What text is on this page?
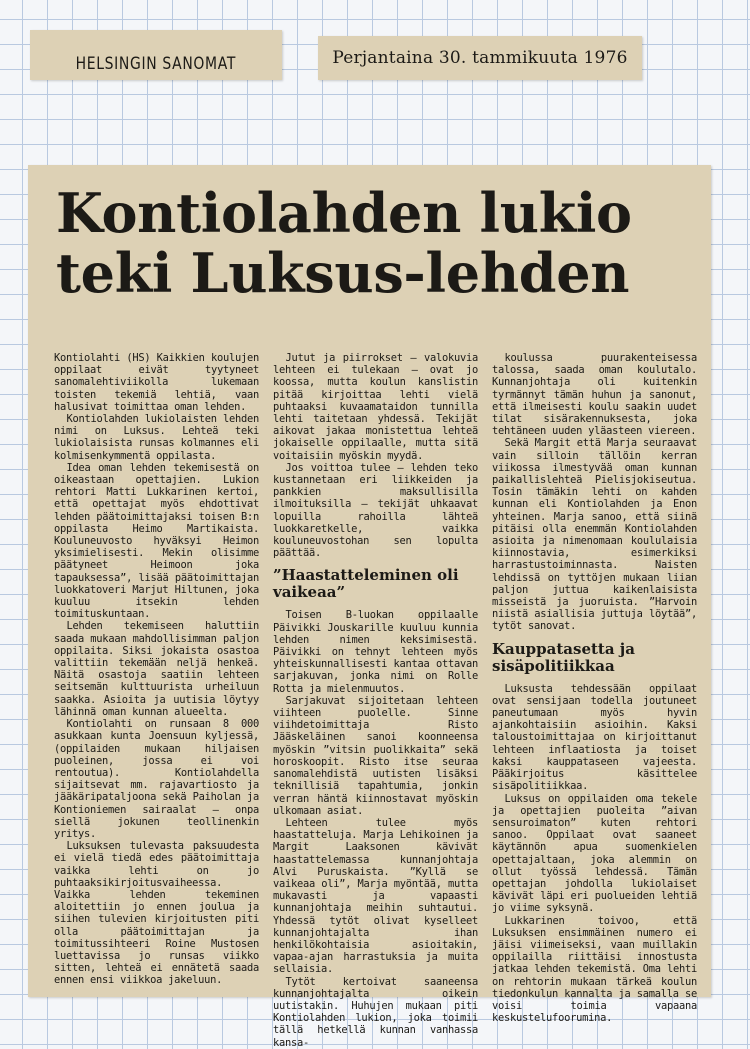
HELSINGIN SANOMAT	Perjantaina 30. tammikuuta 1976
Kontiolahden lukio
teki Luksus-lehden

Kontiolahti (HS) Kaikkien koulujen oppilaat eivät tyytyneet sanomalehtiviikolla lukemaan toisten tekemiä lehtiä, vaan halusivat toimittaa oman lehden.

Kontiolahden lukiolaisten lehden nimi on Luksus. Lehteä teki lukiolaisista runsas kolmannes eli kolmisenkymmentä oppilasta.

Idea oman lehden tekemisestä on oikeastaan opettajien. Lukion rehtori Matti Lukkarinen kertoi, että opettajat myös ehdottivat lehden päätoimittajaksi toisen B:n oppilasta Heimo Martikaista. Kouluneuvosto hyväksyi Heimon yksimielisesti. Mekin olisimme päätyneet Heimoon joka tapauksessa”, lisää päätoimittajan luokkatoveri Marjut Hiltunen, joka kuuluu itsekin lehden toimituskuntaan.

Lehden tekemiseen haluttiin saada mukaan mahdollisimman paljon oppilaita. Siksi jokaista osastoa valittiin tekemään neljä henkeä. Näitä osastoja saatiin lehteen seitsemän kulttuurista urheiluun saakka. Asioita ja uutisia löytyy lähinnä oman kunnan alueelta.

Kontiolahti on runsaan 8 000 asukkaan kunta Joensuun kyljessä, (oppilaiden mukaan hiljaisen puoleinen, jossa ei voi rentoutua). Kontiolahdella sijaitsevat mm. rajavartiosto ja jääkäripataljoona sekä Paiholan ja Kontioniemen sairaalat — onpa siellä jokunen teollinenkin yritys.

Luksuksen tulevasta paksuudesta ei vielä tiedä edes päätoimittaja vaikka lehti on jo puhtaaksikirjoitusvaiheessa. Vaikka lehden tekeminen aloitettiin jo ennen joulua ja siihen tulevien kirjoitusten piti olla päätoimittajan ja toimitussihteeri Roine Mustosen luettavissa jo runsas viikko sitten, lehteä ei ennätetä saada ennen ensi viikkoa jakeluun.

Jutut ja piirrokset — valokuvia lehteen ei tulekaan — ovat jo koossa, mutta koulun kanslistin pitää kirjoittaa lehti vielä puhtaaksi kuvaamataidon tunnilla lehti taitetaan yhdessä. Tekijät aikovat jakaa monistettua lehteä jokaiselle oppilaalle, mutta sitä voitaisiin myöskin myydä.

Jos voittoa tulee — lehden teko kustannetaan eri liikkeiden ja pankkien maksullisilla ilmoituksilla — tekijät uhkaavat lopuilla rahoilla lähteä luokkaretkelle, vaikka kouluneuvostohan sen lopulta päättää.

”Haastatteleminen oli vaikeaa”

Toisen B-luokan oppilaalle Päivikki Jouskarille kuuluu kunnia lehden nimen keksimisestä. Päivikki on tehnyt lehteen myös yhteiskunnallisesti kantaa ottavan sarjakuvan, jonka nimi on Rolle Rotta ja mielenmuutos.

Sarjakuvat sijoitetaan lehteen viihteen puolelle. Sinne viihdetoimittaja Risto Jääskeläinen sanoi koonneensa myöskin ”vitsin puolikkaita” sekä horoskoopit. Risto itse seuraa sanomalehdistä uutisten lisäksi teknillisiä tapahtumia, jonkin verran häntä kiinnostavat myöskin ulkomaan asiat.

Lehteen tulee myös haastatteluja. Marja Lehikoinen ja Margit Laaksonen kävivät haastattelemassa kunnanjohtaja Alvi Puruskaista. ”Kyllä se vaikeaa oli”, Marja myöntää, mutta mukavasti ja vapaasti kunnanjohtaja meihin suhtautui. Yhdessä tytöt olivat kyselleet kunnanjohtajalta ihan henkilökohtaisia asioitakin, vapaa-ajan harrastuksia ja muita sellaisia.

Tytöt kertoivat saaneensa kunnanjohtajalta oikein uutistakin. Huhujen mukaan piti Kontiolahden lukion, joka toimii tällä hetkellä kunnan vanhassa kansa-

koulussa puurakenteisessa talossa, saada oman koulutalo. Kunnanjohtaja oli kuitenkin tyrmännyt tämän huhun ja sanonut, että ilmeisesti koulu saakin uudet tilat sisärakennuksesta, joka tehtäneen uuden yläasteen viereen.

Sekä Margit että Marja seuraavat vain silloin tällöin kerran viikossa ilmestyvää oman kunnan paikallislehteä Pielisjokiseutua. Tosin tämäkin lehti on kahden kunnan eli Kontiolahden ja Enon yhteinen. Marja sanoo, että siinä pitäisi olla enemmän Kontiolahden asioita ja nimenomaan koululaisia kiinnostavia, esimerkiksi harrastustoiminnasta. Naisten lehdissä on tyttöjen mukaan liian paljon juttua kaikenlaisista misseistä ja juoruista. ”Harvoin niistä asiallisia juttuja löytää”, tytöt sanovat.

Kauppatasetta ja sisäpolitiikkaa

Luksusta tehdessään oppilaat ovat sensijaan todella joutuneet paneutumaan myös hyvin ajankohtaisiin asioihin. Kaksi taloustoimittajaa on kirjoittanut lehteen inflaatiosta ja toiset kaksi kauppataseen vajeesta. Pääkirjoitus käsittelee sisäpolitiikkaa.

Luksus on oppilaiden oma tekele ja opettajien puoleita ”aivan sensuroimaton” kuten rehtori sanoo. Oppilaat ovat saaneet käytännön apua suomenkielen opettajaltaan, joka alemmin on ollut työssä lehdessä. Tämän opettajan johdolla lukiolaiset kävivät läpi eri puolueiden lehtiä jo viime syksynä.

Lukkarinen toivoo, että Luksuksen ensimmäinen numero ei jäisi viimeiseksi, vaan muillakin oppilailla riittäisi innostusta jatkaa lehden tekemistä. Oma lehti on rehtorin mukaan tärkeä koulun tiedonkulun kannalta ja samalla se voisi toimia vapaana keskustelufoorumina.
